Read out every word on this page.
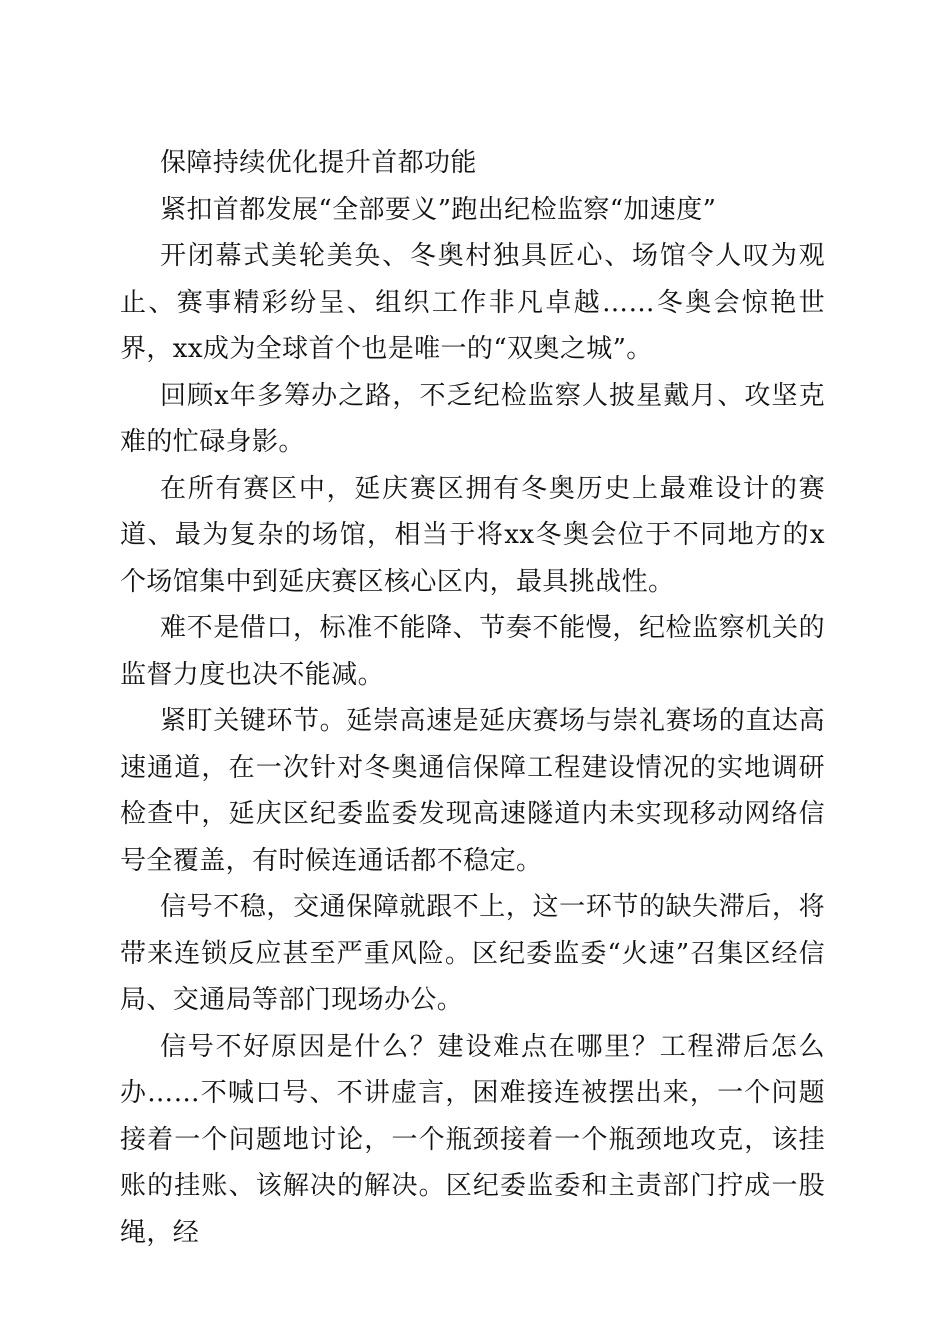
保障持续优化提升首都功能

紧扣首都发展“全部要义”跑出纪检监察“加速度”

开闭幕式美轮美奂、冬奥村独具匠心、场馆令人叹为观止、赛事精彩纷呈、组织工作非凡卓越……冬奥会惊艳世界，xx成为全球首个也是唯一的“双奥之城”。

回顾x年多筹办之路，不乏纪检监察人披星戴月、攻坚克难的忙碌身影。

在所有赛区中，延庆赛区拥有冬奥历史上最难设计的赛道、最为复杂的场馆，相当于将xx冬奥会位于不同地方的x个场馆集中到延庆赛区核心区内，最具挑战性。

难不是借口，标准不能降、节奏不能慢，纪检监察机关的监督力度也决不能减。

紧盯关键环节。延崇高速是延庆赛场与崇礼赛场的直达高速通道，在一次针对冬奥通信保障工程建设情况的实地调研检查中，延庆区纪委监委发现高速隧道内未实现移动网络信号全覆盖，有时候连通话都不稳定。

信号不稳，交通保障就跟不上，这一环节的缺失滞后，将带来连锁反应甚至严重风险。区纪委监委“火速”召集区经信局、交通局等部门现场办公。

信号不好原因是什么？建设难点在哪里？工程滞后怎么办……不喊口号、不讲虚言，困难接连被摆出来，一个问题接着一个问题地讨论，一个瓶颈接着一个瓶颈地攻克，该挂账的挂账、该解决的解决。区纪委监委和主责部门拧成一股绳，经
